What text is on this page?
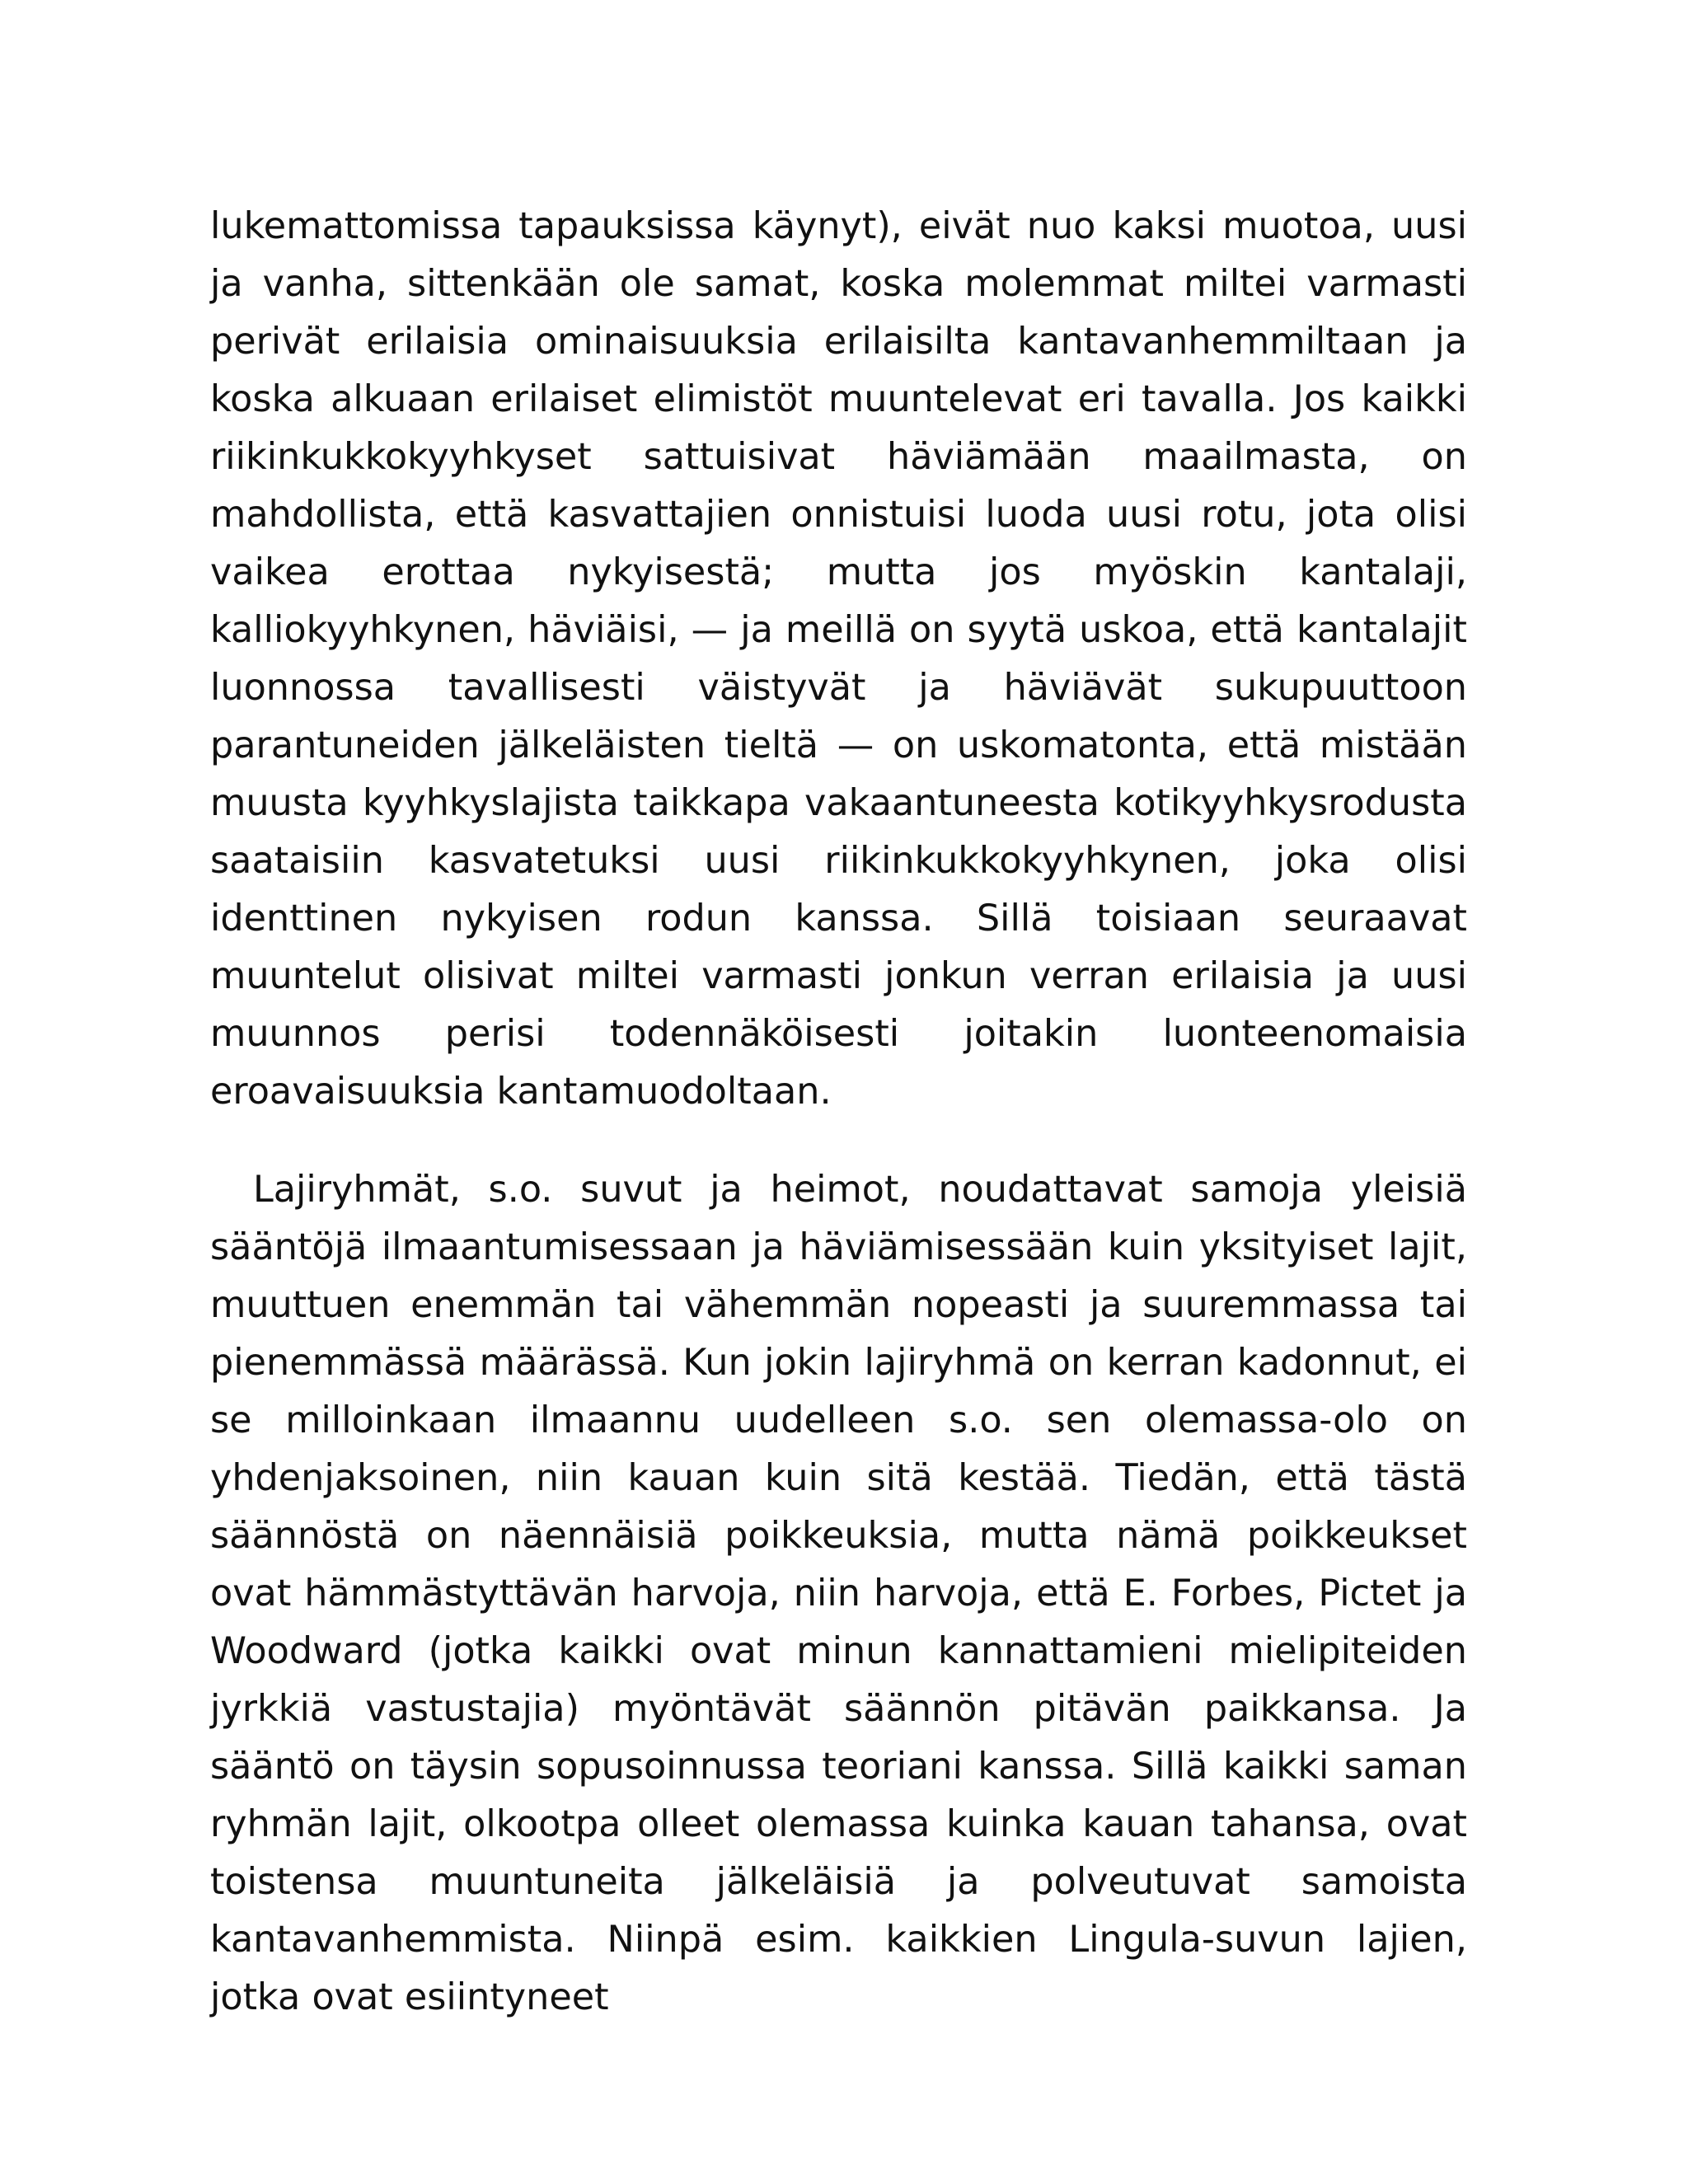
lukemattomissa tapauksissa käynyt), eivät nuo kaksi muotoa, uusi ja vanha, sittenkään ole samat, koska molemmat miltei varmasti perivät erilaisia ominaisuuksia erilaisilta kantavanhemmiltaan ja koska alkuaan erilaiset elimistöt muuntelevat eri tavalla. Jos kaikki riikinkukkokyyhkyset sattuisivat häviämään maailmasta, on mahdollista, että kasvattajien onnistuisi luoda uusi rotu, jota olisi vaikea erottaa nykyisestä; mutta jos myöskin kantalaji, kalliokyyhkynen, häviäisi, — ja meillä on syytä uskoa, että kantalajit luonnossa tavallisesti väistyvät ja häviävät sukupuuttoon parantuneiden jälkeläisten tieltä — on uskomatonta, että mistään muusta kyyhkyslajista taikkapa vakaantuneesta kotikyyhkysrodusta saataisiin kasvatetuksi uusi riikinkukkokyyhkynen, joka olisi identtinen nykyisen rodun kanssa. Sillä toisiaan seuraavat muuntelut olisivat miltei varmasti jonkun verran erilaisia ja uusi muunnos perisi todennäköisesti joitakin luonteenomaisia eroavaisuuksia kantamuodoltaan.

Lajiryhmät, s.o. suvut ja heimot, noudattavat samoja yleisiä sääntöjä ilmaantumisessaan ja häviämisessään kuin yksityiset lajit, muuttuen enemmän tai vähemmän nopeasti ja suuremmassa tai pienemmässä määrässä. Kun jokin lajiryhmä on kerran kadonnut, ei se milloinkaan ilmaannu uudelleen s.o. sen olemassa-olo on yhdenjaksoinen, niin kauan kuin sitä kestää. Tiedän, että tästä säännöstä on näennäisiä poikkeuksia, mutta nämä poikkeukset ovat hämmästyttävän harvoja, niin harvoja, että E. Forbes, Pictet ja Woodward (jotka kaikki ovat minun kannattamieni mielipiteiden jyrkkiä vastustajia) myöntävät säännön pitävän paikkansa. Ja sääntö on täysin sopusoinnussa teoriani kanssa. Sillä kaikki saman ryhmän lajit, olkootpa olleet olemassa kuinka kauan tahansa, ovat toistensa muuntuneita jälkeläisiä ja polveutuvat samoista kantavanhemmista. Niinpä esim. kaikkien Lingula-suvun lajien, jotka ovat esiintyneet
